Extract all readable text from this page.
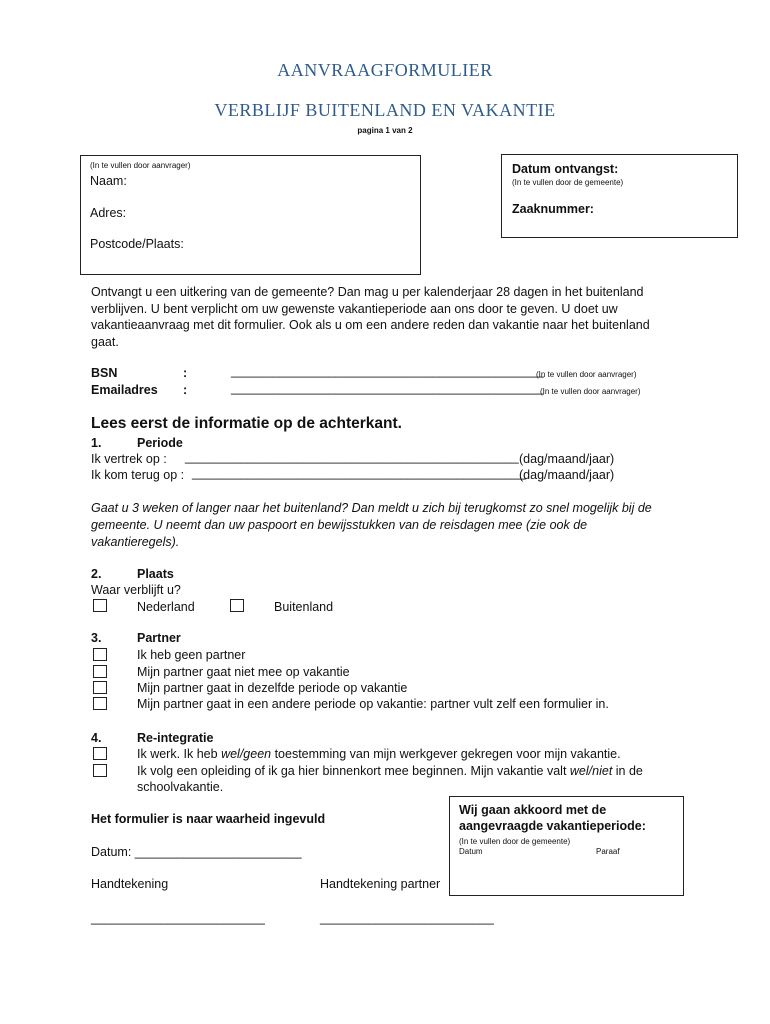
AANVRAAGFORMULIER
VERBLIJF BUITENLAND EN VAKANTIE
pagina 1 van 2
(In te vullen door aanvrager)
Naam:
Adres:
Postcode/Plaats:
Datum ontvangst:
(In te vullen door de gemeente)
Zaaknummer:
Ontvangt u een uitkering van de gemeente? Dan mag u per kalenderjaar 28 dagen in het buitenland verblijven. U bent verplicht om uw gewenste vakantieperiode aan ons door te geven. U doet uw vakantieaanvraag met dit formulier. Ook als u om een andere reden dan vakantie naar het buitenland gaat.
BSN	:	_____________________________________________
(In te vullen door aanvrager)
Emailadres :	_____________________________________________
(In te vullen door aanvrager)
Lees eerst de informatie op de achterkant.
1.	Periode
Ik vertrek op : ________________________________________________ (dag/maand/jaar)
Ik kom terug op : ________________________________________________
(dag/maand/jaar)
Gaat u 3 weken of langer naar het buitenland? Dan meldt u zich bij terugkomst zo snel mogelijk bij de gemeente. U neemt dan uw paspoort en bewijsstukken van de reisdagen mee (zie ook de vakantieregels).
2.	Plaats
Waar verblijft u?
Nederland	Buitenland
3.	Partner
Ik heb geen partner
Mijn partner gaat niet mee op vakantie
Mijn partner gaat in dezelfde periode op vakantie
Mijn partner gaat in een andere periode op vakantie: partner vult zelf een formulier in.
4.	Re-integratie
Ik werk. Ik heb wel/geen toestemming van mijn werkgever gekregen voor mijn vakantie.
Ik volg een opleiding of ik ga hier binnenkort mee beginnen. Mijn vakantie valt wel/niet in de
schoolvakantie.
Het formulier is naar waarheid ingevuld
Datum: ________________________
Handtekening	Handtekening partner
_________________________	_________________________
Wij gaan akkoord met de
aangevraagde vakantieperiode:
(In te vullen door de gemeente)
Datum	Paraaf
